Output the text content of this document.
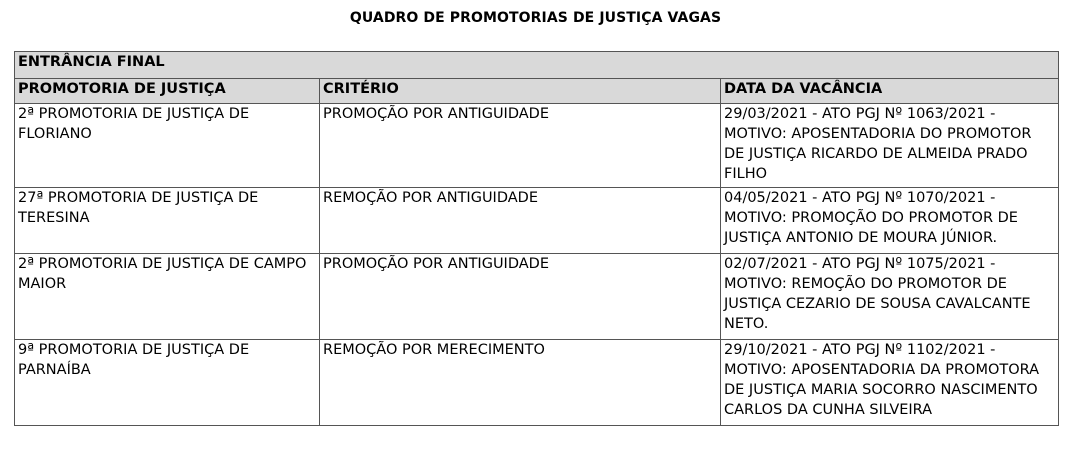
QUADRO DE PROMOTORIAS DE JUSTIÇA VAGAS
ENTRÂNCIA FINAL		
PROMOTORIA DE JUSTIÇA	CRITÉRIO	DATA DA VACÂNCIA
2ª PROMOTORIA DE JUSTIÇA DE FLORIANO	PROMOÇÃO POR ANTIGUIDADE	29/03/2021 - ATO PGJ Nº 1063/2021 - MOTIVO: APOSENTADORIA DO PROMOTOR DE JUSTIÇA RICARDO DE ALMEIDA PRADO FILHO
27ª PROMOTORIA DE JUSTIÇA DE TERESINA	REMOÇÃO POR ANTIGUIDADE	04/05/2021 - ATO PGJ Nº 1070/2021 - MOTIVO: PROMOÇÃO DO PROMOTOR DE JUSTIÇA ANTONIO DE MOURA JÚNIOR.
2ª PROMOTORIA DE JUSTIÇA DE CAMPO MAIOR	PROMOÇÃO POR ANTIGUIDADE	02/07/2021 - ATO PGJ Nº 1075/2021 - MOTIVO: REMOÇÃO DO PROMOTOR DE JUSTIÇA CEZARIO DE SOUSA CAVALCANTE NETO.
9ª PROMOTORIA DE JUSTIÇA DE PARNAÍBA	REMOÇÃO POR MERECIMENTO	29/10/2021 - ATO PGJ Nº 1102/2021 - MOTIVO: APOSENTADORIA DA PROMOTORA DE JUSTIÇA MARIA SOCORRO NASCIMENTO CARLOS DA CUNHA SILVEIRA
